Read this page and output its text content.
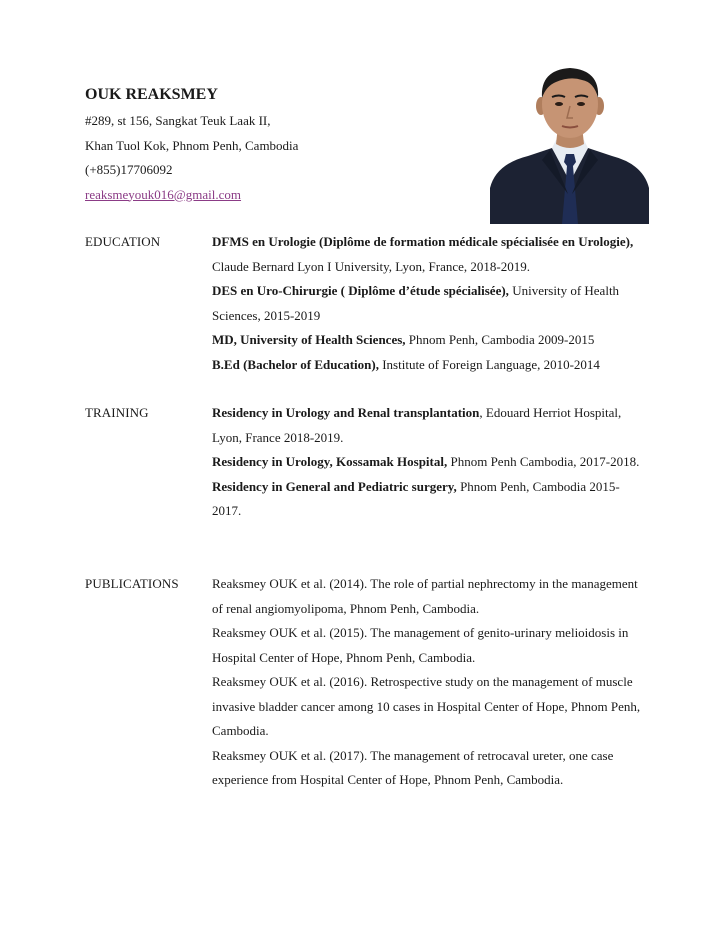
OUK REAKSMEY
#289, st 156, Sangkat Teuk Laak II,
Khan Tuol Kok, Phnom Penh, Cambodia
(+855)17706092
reaksmeyouk016@gmail.com
EDUCATION	DFMS en Urologie (Diplôme de formation médicale spécialisée en Urologie), Claude Bernard Lyon I University, Lyon, France, 2018-2019.

DES en Uro-Chirurgie ( Diplôme d’étude spécialisée), University of Health Sciences, 2015-2019

MD, University of Health Sciences, Phnom Penh, Cambodia 2009-2015

B.Ed (Bachelor of Education), Institute of Foreign Language, 2010-2014

TRAINING	Residency in Urology and Renal transplantation, Edouard Herriot Hospital, Lyon, France 2018-2019.

Residency in Urology, Kossamak Hospital, Phnom Penh Cambodia, 2017-2018.

Residency in General and Pediatric surgery, Phnom Penh, Cambodia 2015-2017.

PUBLICATIONS	Reaksmey OUK et al. (2014). The role of partial nephrectomy in the management of renal angiomyolipoma, Phnom Penh, Cambodia.

Reaksmey OUK et al. (2015). The management of genito-urinary melioidosis in Hospital Center of Hope, Phnom Penh, Cambodia.

Reaksmey OUK et al. (2016). Retrospective study on the management of muscle invasive bladder cancer among 10 cases in Hospital Center of Hope, Phnom Penh, Cambodia.

Reaksmey OUK et al. (2017). The management of retrocaval ureter, one case experience from Hospital Center of Hope, Phnom Penh, Cambodia.
